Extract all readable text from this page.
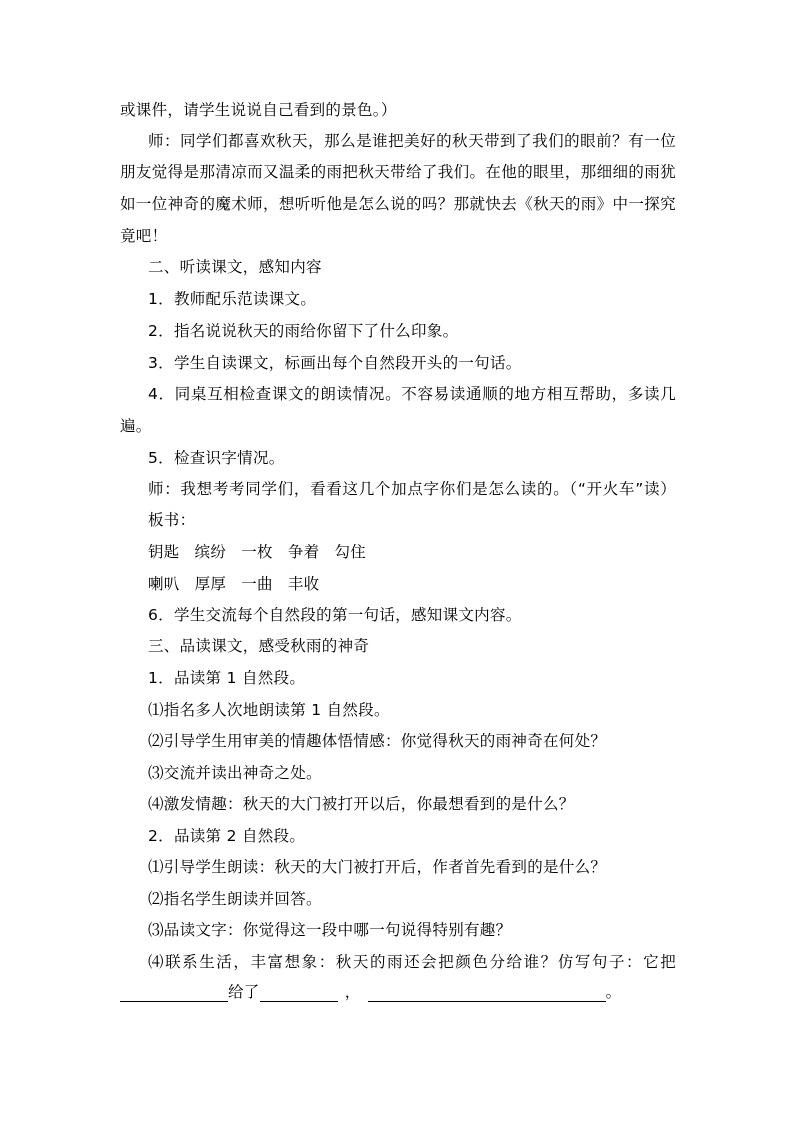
或课件，请学生说说自己看到的景色。）
师：同学们都喜欢秋天，那么是谁把美好的秋天带到了我们的眼前？有一位
朋友觉得是那清凉而又温柔的雨把秋天带给了我们。在他的眼里，那细细的雨犹
如一位神奇的魔术师，想听听他是怎么说的吗？那就快去《秋天的雨》中一探究
竟吧！
二、听读课文，感知内容
1．教师配乐范读课文。
2．指名说说秋天的雨给你留下了什么印象。
3．学生自读课文，标画出每个自然段开头的一句话。
4．同桌互相检查课文的朗读情况。不容易读通顺的地方相互帮助，多读几
遍。
5．检查识字情况。
师：我想考考同学们，看看这几个加点字你们是怎么读的。（“开火车”读）
板书：
钥匙 缤纷 一枚 争着 勾住
喇叭 厚厚 一曲 丰收
6．学生交流每个自然段的第一句话，感知课文内容。
三、品读课文，感受秋雨的神奇
1．品读第 1 自然段。
⑴指名多人次地朗读第 1 自然段。
⑵引导学生用审美的情趣体悟情感：你觉得秋天的雨神奇在何处？
⑶交流并读出神奇之处。
⑷激发情趣：秋天的大门被打开以后，你最想看到的是什么？
2．品读第 2 自然段。
⑴引导学生朗读：秋天的大门被打开后，作者首先看到的是什么？
⑵指名学生朗读并回答。
⑶品读文字：你觉得这一段中哪一句说得特别有趣？
⑷联系生活，丰富想象：秋天的雨还会把颜色分给谁？仿写句子：它把
给了	，	。
